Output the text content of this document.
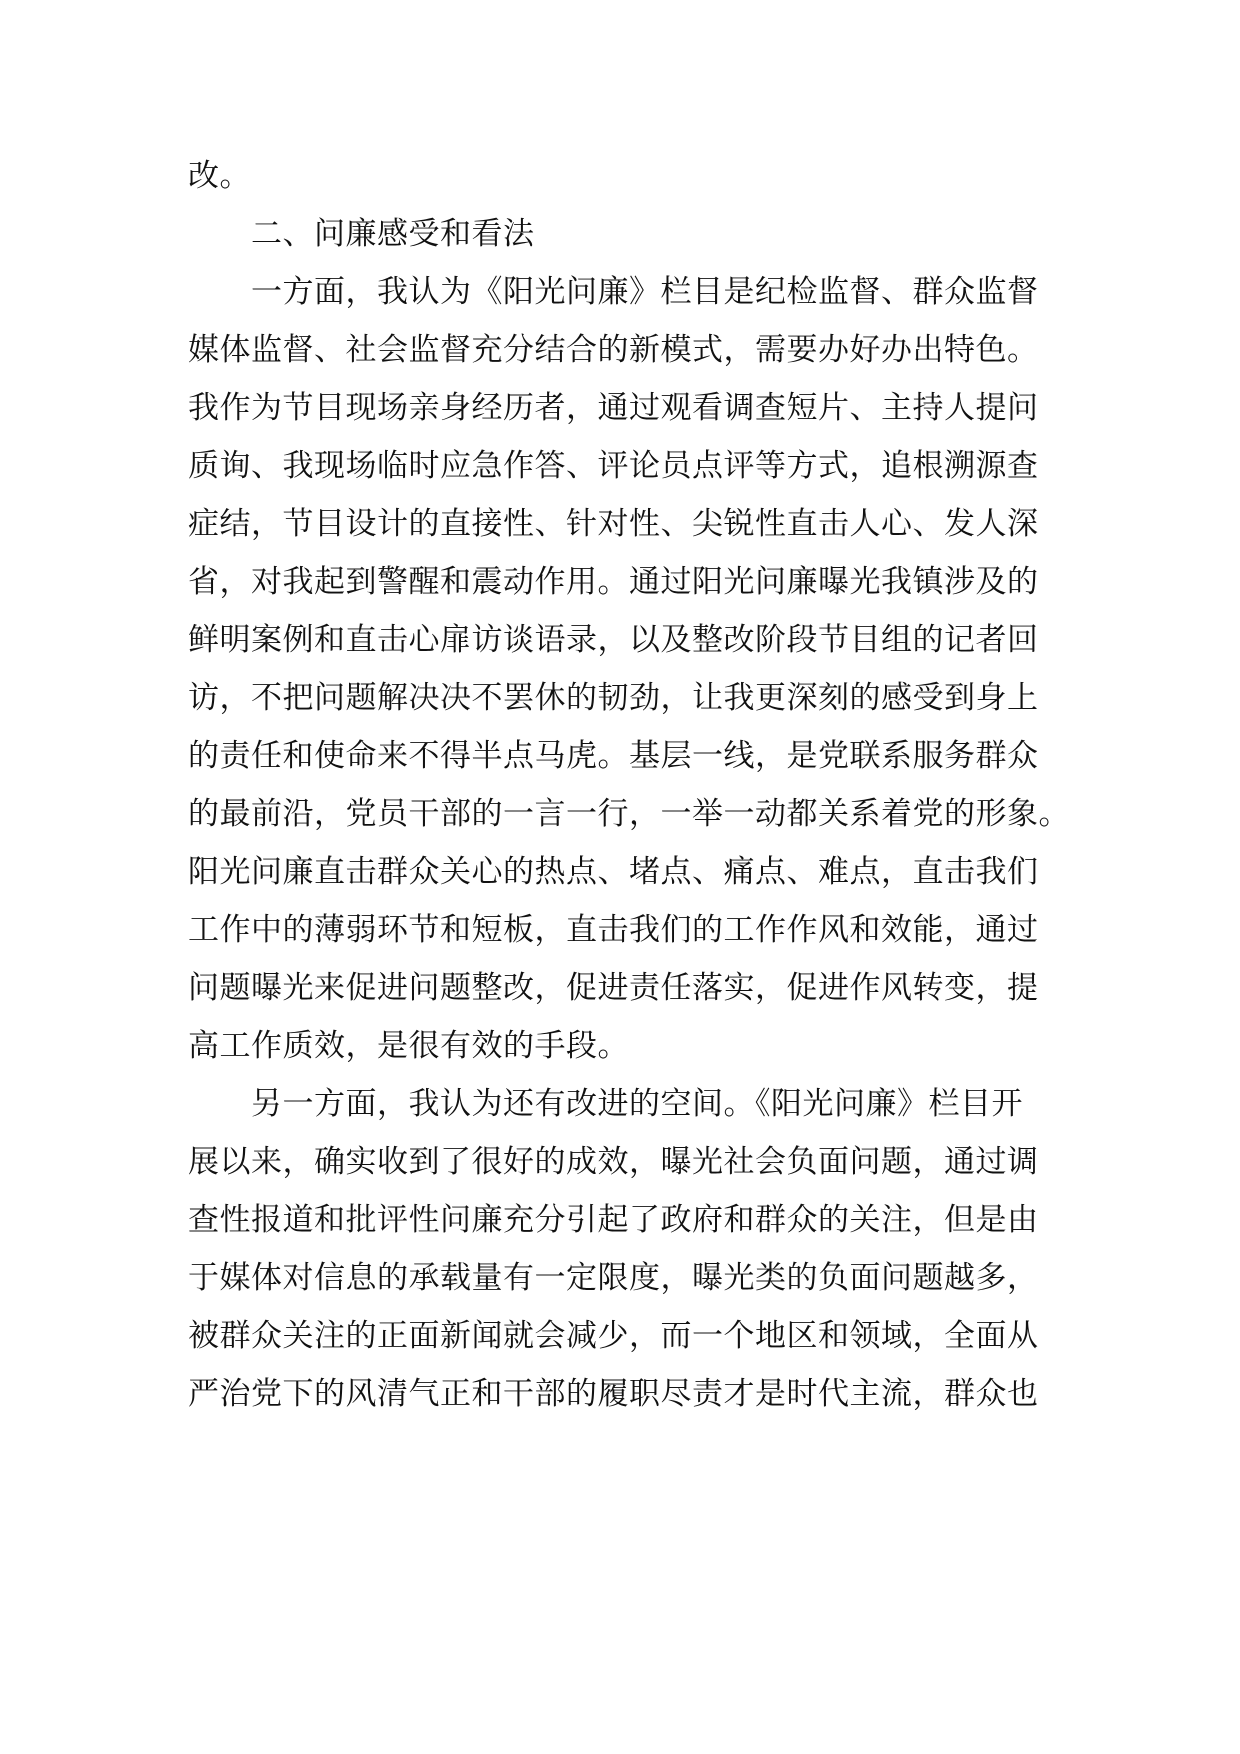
改。
二、问廉感受和看法
一方面，我认为《阳光问廉》栏目是纪检监督、群众监督
媒体监督、社会监督充分结合的新模式，需要办好办出特色。
我作为节目现场亲身经历者，通过观看调查短片、主持人提问
质询、我现场临时应急作答、评论员点评等方式，追根溯源查
症结，节目设计的直接性、针对性、尖锐性直击人心、发人深
省，对我起到警醒和震动作用。通过阳光问廉曝光我镇涉及的
鲜明案例和直击心扉访谈语录，以及整改阶段节目组的记者回
访，不把问题解决决不罢休的韧劲，让我更深刻的感受到身上
的责任和使命来不得半点马虎。基层一线，是党联系服务群众
的最前沿，党员干部的一言一行，一举一动都关系着党的形象。
阳光问廉直击群众关心的热点、堵点、痛点、难点，直击我们
工作中的薄弱环节和短板，直击我们的工作作风和效能，通过
问题曝光来促进问题整改，促进责任落实，促进作风转变，提
高工作质效，是很有效的手段。
另一方面，我认为还有改进的空间。《阳光问廉》栏目开
展以来，确实收到了很好的成效，曝光社会负面问题，通过调
查性报道和批评性问廉充分引起了政府和群众的关注，但是由
于媒体对信息的承载量有一定限度，曝光类的负面问题越多，
被群众关注的正面新闻就会减少，而一个地区和领域，全面从
严治党下的风清气正和干部的履职尽责才是时代主流，群众也
